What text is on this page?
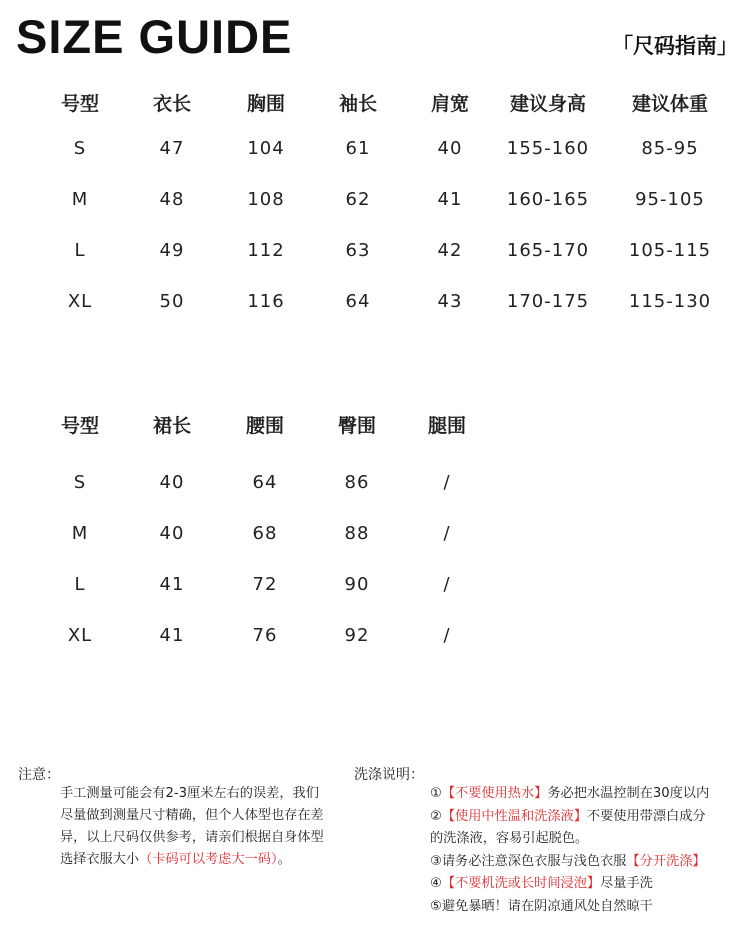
SIZE GUIDE	「尺码指南」
号型	衣长	胸围	袖长	肩宽	建议身高	建议体重
S	47	104	61	40	155-160	85-95
M	48	108	62	41	160-165	95-105
L	49	112	63	42	165-170	105-115
XL	50	116	64	43	170-175	115-130
号型	裙长	腰围	臀围	腿围
S	40	64	86	/
M	40	68	88	/
L	41	72	90	/
XL	41	76	92	/
注意：
手工测量可能会有2-3厘米左右的误差，我们
尽量做到测量尺寸精确，但个人体型也存在差
异，以上尺码仅供参考，请亲们根据自身体型
选择衣服大小（卡码可以考虑大一码）。
洗涤说明：
①【不要使用热水】务必把水温控制在30度以内
②【使用中性温和洗涤液】不要使用带漂白成分
的洗涤液，容易引起脱色。
③请务必注意深色衣服与浅色衣服【分开洗涤】
④【不要机洗或长时间浸泡】尽量手洗
⑤避免暴晒！请在阴凉通风处自然晾干
